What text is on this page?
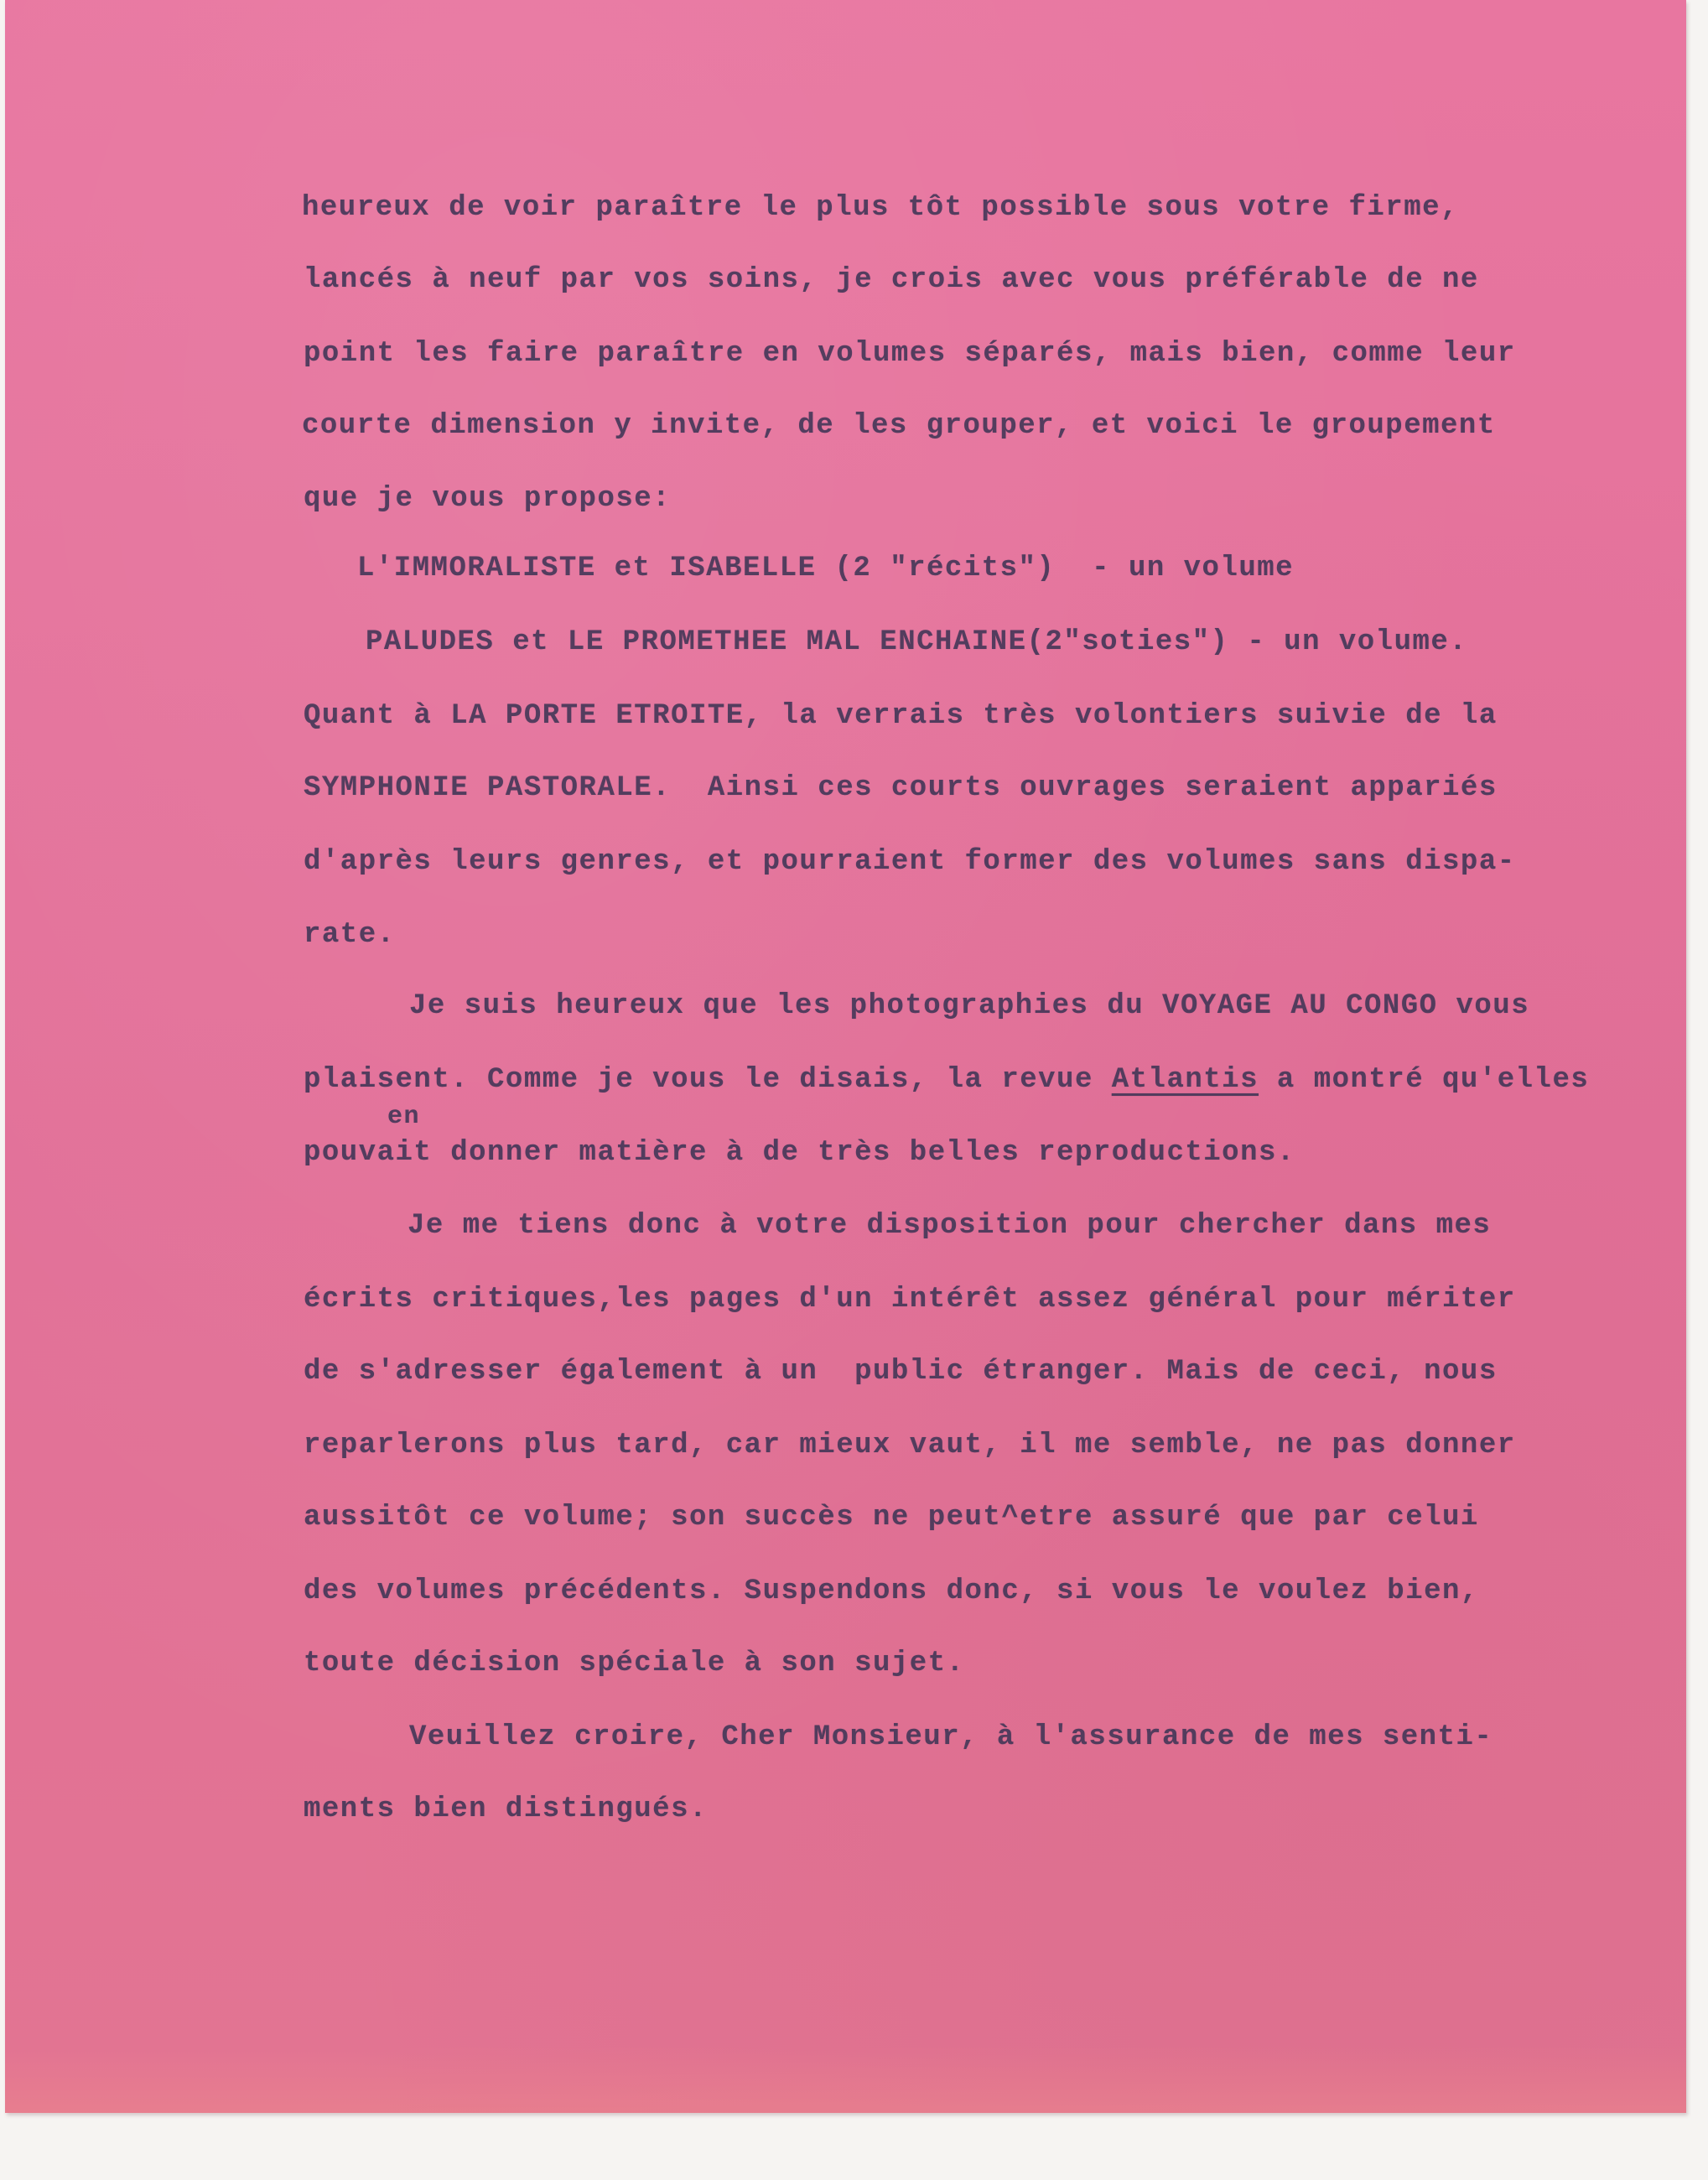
heureux de voir paraître le plus tôt possible sous votre firme,
lancés à neuf par vos soins, je crois avec vous préférable de ne
point les faire paraître en volumes séparés, mais bien, comme leur
courte dimension y invite, de les grouper, et voici le groupement
que je vous propose:
L'IMMORALISTE et ISABELLE (2 "récits")  - un volume
PALUDES et LE PROMETHEE MAL ENCHAINE(2"soties") - un volume.
Quant à LA PORTE ETROITE, la verrais très volontiers suivie de la
SYMPHONIE PASTORALE.  Ainsi ces courts ouvrages seraient appariés
d'après leurs genres, et pourraient former des volumes sans dispa-
rate.
Je suis heureux que les photographies du VOYAGE AU CONGO vous
plaisent. Comme je vous le disais, la revue Atlantis a montré qu'elles
en
pouvait donner matière à de très belles reproductions.
Je me tiens donc à votre disposition pour chercher dans mes
écrits critiques,les pages d'un intérêt assez général pour mériter
de s'adresser également à un  public étranger. Mais de ceci, nous
reparlerons plus tard, car mieux vaut, il me semble, ne pas donner
aussitôt ce volume; son succès ne peut^etre assuré que par celui
des volumes précédents. Suspendons donc, si vous le voulez bien,
toute décision spéciale à son sujet.
Veuillez croire, Cher Monsieur, à l'assurance de mes senti-
ments bien distingués.
